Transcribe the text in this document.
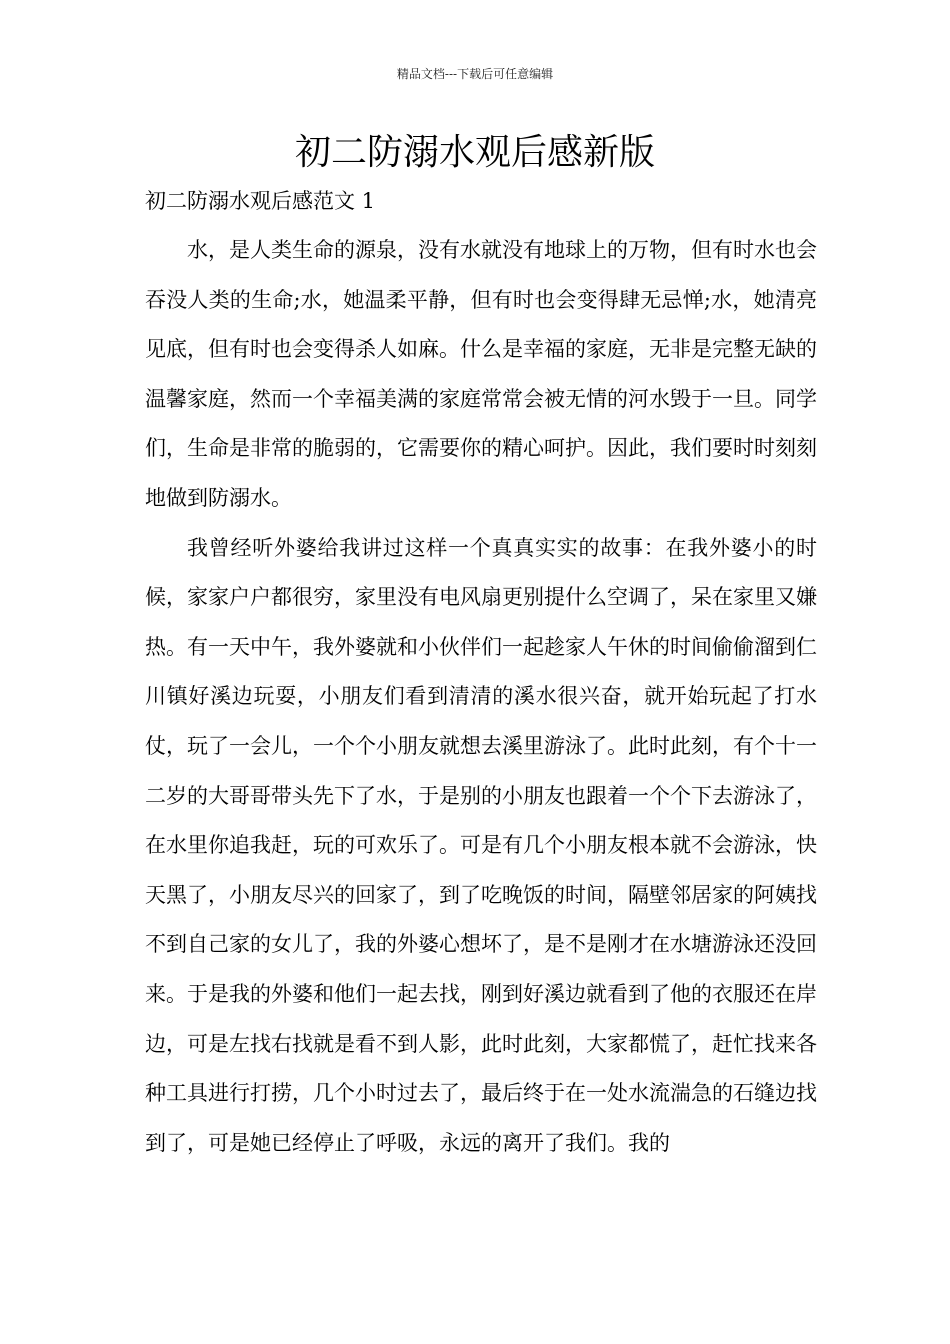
精品文档---下载后可任意编辑
初二防溺水观后感新版
初二防溺水观后感范文 1

水，是人类生命的源泉，没有水就没有地球上的万物，但有时水也会吞没人类的生命;水，她温柔平静，但有时也会变得肆无忌惮;水，她清亮见底，但有时也会变得杀人如麻。什么是幸福的家庭，无非是完整无缺的温馨家庭，然而一个幸福美满的家庭常常会被无情的河水毁于一旦。同学们，生命是非常的脆弱的，它需要你的精心呵护。因此，我们要时时刻刻地做到防溺水。

我曾经听外婆给我讲过这样一个真真实实的故事：在我外婆小的时候，家家户户都很穷，家里没有电风扇更别提什么空调了，呆在家里又嫌热。有一天中午，我外婆就和小伙伴们一起趁家人午休的时间偷偷溜到仁川镇好溪边玩耍，小朋友们看到清清的溪水很兴奋，就开始玩起了打水仗，玩了一会儿，一个个小朋友就想去溪里游泳了。此时此刻，有个十一二岁的大哥哥带头先下了水，于是别的小朋友也跟着一个个下去游泳了，在水里你追我赶，玩的可欢乐了。可是有几个小朋友根本就不会游泳，快天黑了，小朋友尽兴的回家了，到了吃晚饭的时间，隔壁邻居家的阿姨找不到自己家的女儿了，我的外婆心想坏了，是不是刚才在水塘游泳还没回来。于是我的外婆和他们一起去找，刚到好溪边就看到了他的衣服还在岸边，可是左找右找就是看不到人影，此时此刻，大家都慌了，赶忙找来各种工具进行打捞，几个小时过去了，最后终于在一处水流湍急的石缝边找到了，可是她已经停止了呼吸，永远的离开了我们。我的
